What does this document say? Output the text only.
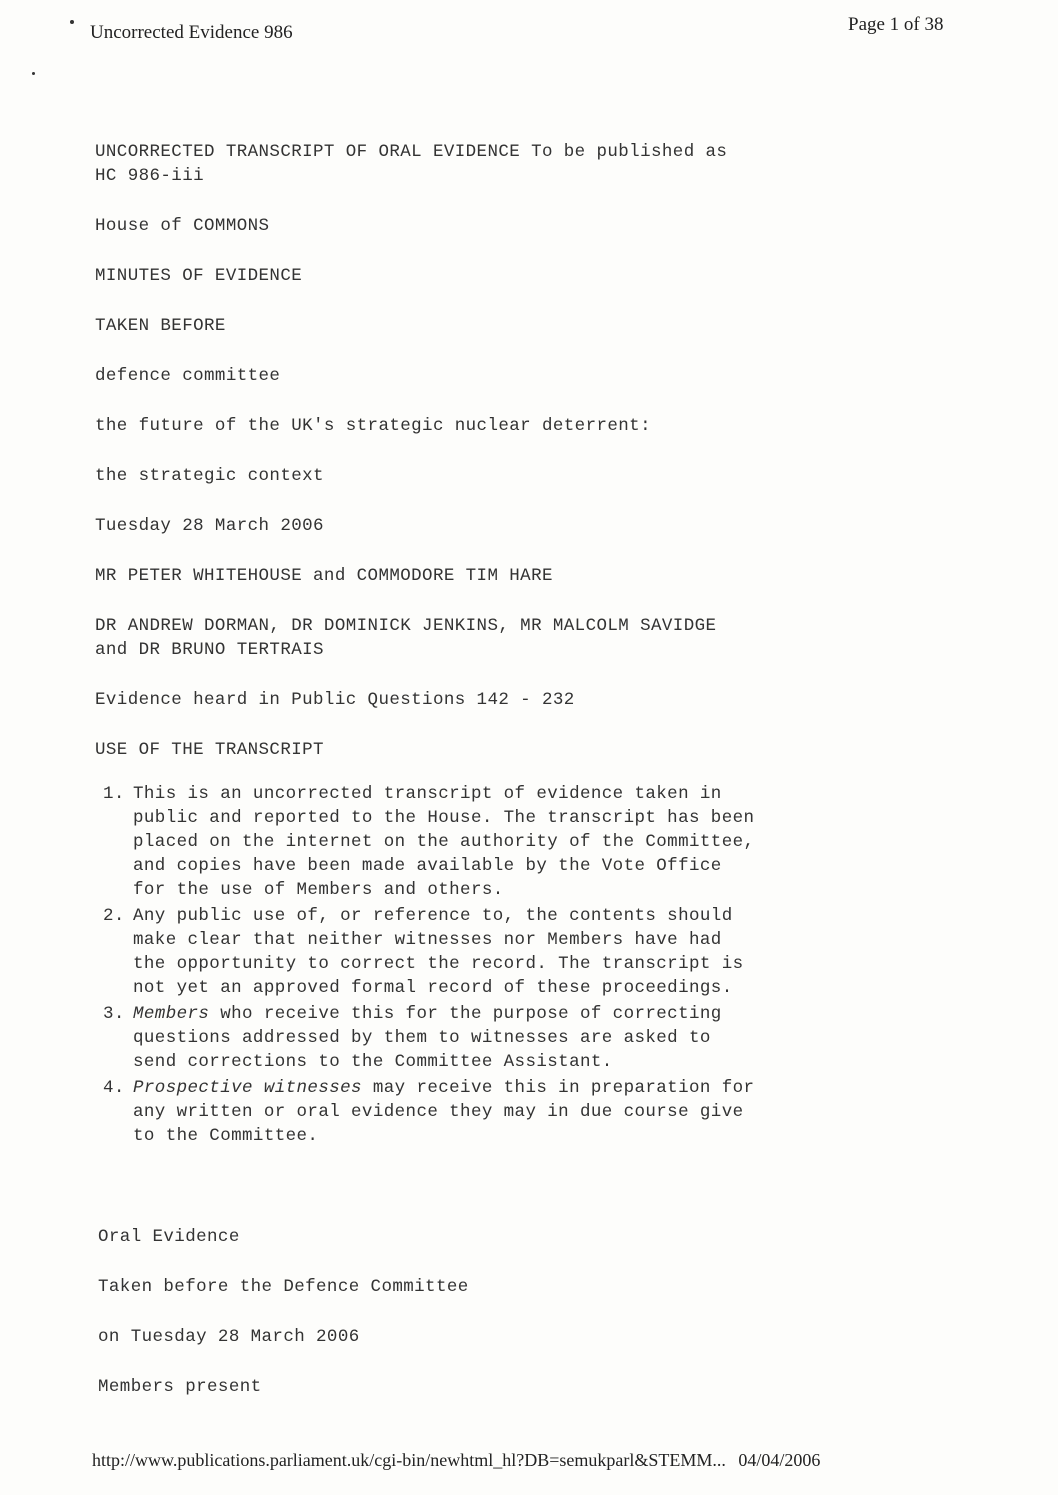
Uncorrected Evidence 986	Page 1 of 38

UNCORRECTED TRANSCRIPT OF ORAL EVIDENCE To be published as
HC 986-iii

House of COMMONS

MINUTES OF EVIDENCE

TAKEN BEFORE

defence committee

the future of the UK's strategic nuclear deterrent:

the strategic context

Tuesday 28 March 2006

MR PETER WHITEHOUSE and COMMODORE TIM HARE

DR ANDREW DORMAN, DR DOMINICK JENKINS, MR MALCOLM SAVIDGE
and DR BRUNO TERTRAIS

Evidence heard in Public Questions 142 - 232

USE OF THE TRANSCRIPT

1. This is an uncorrected transcript of evidence taken in
public and reported to the House. The transcript has been
placed on the internet on the authority of the Committee,
and copies have been made available by the Vote Office
for the use of Members and others.
2. Any public use of, or reference to, the contents should
make clear that neither witnesses nor Members have had
the opportunity to correct the record. The transcript is
not yet an approved formal record of these proceedings.
3. Members who receive this for the purpose of correcting
questions addressed by them to witnesses are asked to
send corrections to the Committee Assistant.
4. Prospective witnesses may receive this in preparation for
any written or oral evidence they may in due course give
to the Committee.

Oral Evidence

Taken before the Defence Committee

on Tuesday 28 March 2006

Members present

http://www.publications.parliament.uk/cgi-bin/newhtml_hl?DB=semukparl&STEMM... 04/04/2006
